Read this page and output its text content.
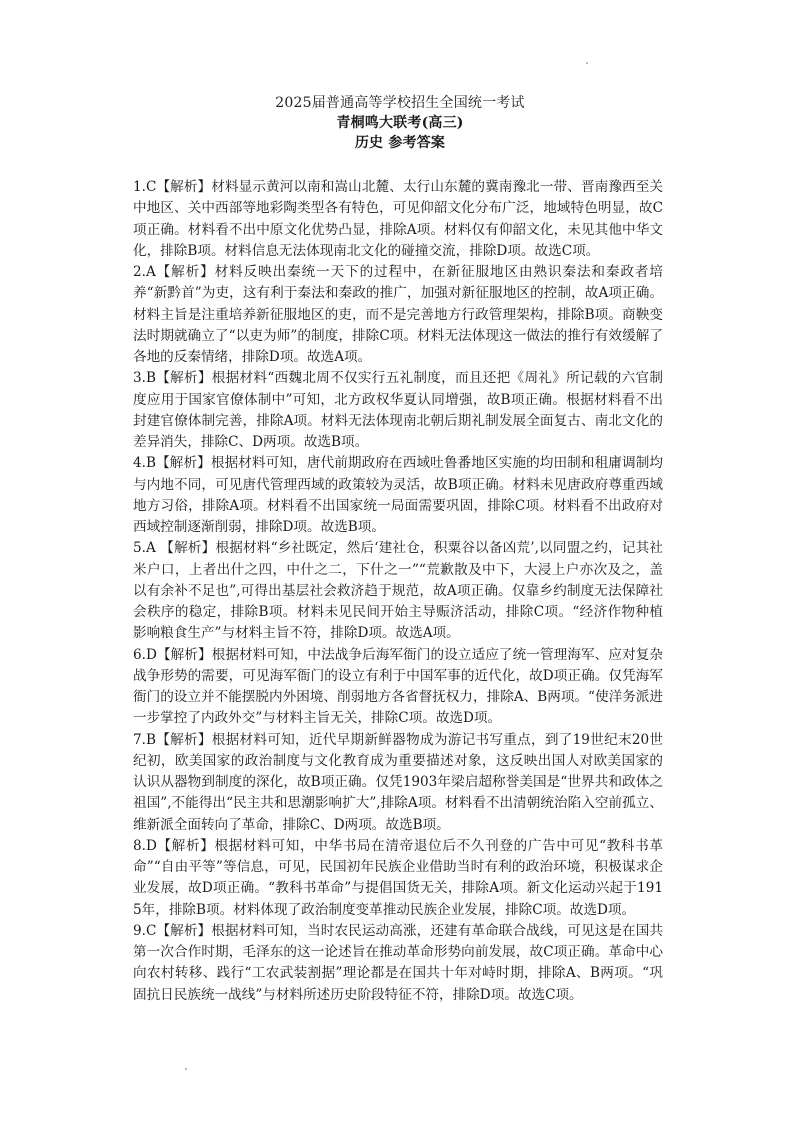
2025届普通高等学校招生全国统一考试

青桐鸣大联考(高三)

历史 参考答案

1.C【解析】材料显示黄河以南和嵩山北麓、太行山东麓的冀南豫北一带、晋南豫西至关中地区、关中西部等地彩陶类型各有特色，可见仰韶文化分布广泛，地域特色明显，故C项正确。材料看不出中原文化优势凸显，排除A项。材料仅有仰韶文化，未见其他中华文化，排除B项。材料信息无法体现南北文化的碰撞交流，排除D项。故选C项。

2.A【解析】材料反映出秦统一天下的过程中，在新征服地区由熟识秦法和秦政者培养“新黔首”为吏，这有利于秦法和秦政的推广，加强对新征服地区的控制，故A项正确。材料主旨是注重培养新征服地区的吏，而不是完善地方行政管理架构，排除B项。商鞅变法时期就确立了“以吏为师”的制度，排除C项。材料无法体现这一做法的推行有效缓解了各地的反秦情绪，排除D项。故选A项。

3.B【解析】根据材料“西魏北周不仅实行五礼制度，而且还把《周礼》所记载的六官制度应用于国家官僚体制中”可知，北方政权华夏认同增强，故B项正确。根据材料看不出封建官僚体制完善，排除A项。材料无法体现南北朝后期礼制发展全面复古、南北文化的差异消失，排除C、D两项。故选B项。

4.B【解析】根据材料可知，唐代前期政府在西域吐鲁番地区实施的均田制和租庸调制均与内地不同，可见唐代管理西域的政策较为灵活，故B项正确。材料未见唐政府尊重西域地方习俗，排除A项。材料看不出国家统一局面需要巩固，排除C项。材料看不出政府对西域控制逐渐削弱，排除D项。故选B项。

5.A 【解析】根据材料“乡社既定，然后‘建社仓，积粟谷以备凶荒’,以同盟之约，记其社米户口，上者出什之四，中什之二，下什之一”“荒歉散及中下，大浸上户亦次及之，盖以有余补不足也”,可得出基层社会救济趋于规范，故A项正确。仅靠乡约制度无法保障社会秩序的稳定，排除B项。材料未见民间开始主导赈济活动，排除C项。“经济作物种植影响粮食生产”与材料主旨不符，排除D项。故选A项。

6.D【解析】根据材料可知，中法战争后海军衙门的设立适应了统一管理海军、应对复杂战争形势的需要，可见海军衙门的设立有利于中国军事的近代化，故D项正确。仅凭海军衙门的设立并不能摆脱内外困境、削弱地方各省督抚权力，排除A、B两项。“使洋务派进一步掌控了内政外交”与材料主旨无关，排除C项。故选D项。

7.B【解析】根据材料可知，近代早期新鲜器物成为游记书写重点，到了19世纪末20世纪初，欧美国家的政治制度与文化教育成为重要描述对象，这反映出国人对欧美国家的认识从器物到制度的深化，故B项正确。仅凭1903年梁启超称誉美国是“世界共和政体之祖国”,不能得出“民主共和思潮影响扩大”,排除A项。材料看不出清朝统治陷入空前孤立、维新派全面转向了革命，排除C、D两项。故选B项。

8.D【解析】根据材料可知，中华书局在清帝退位后不久刊登的广告中可见“教科书革命”“自由平等”等信息，可见，民国初年民族企业借助当时有利的政治环境，积极谋求企业发展，故D项正确。“教科书革命”与提倡国货无关，排除A项。新文化运动兴起于1915年，排除B项。材料体现了政治制度变革推动民族企业发展，排除C项。故选D项。

9.C【解析】根据材料可知，当时农民运动高涨，还建有革命联合战线，可见这是在国共第一次合作时期，毛泽东的这一论述旨在推动革命形势向前发展，故C项正确。革命中心向农村转移、践行“工农武装割据”理论都是在国共十年对峙时期，排除A、B两项。“巩固抗日民族统一战线”与材料所述历史阶段特征不符，排除D项。故选C项。
